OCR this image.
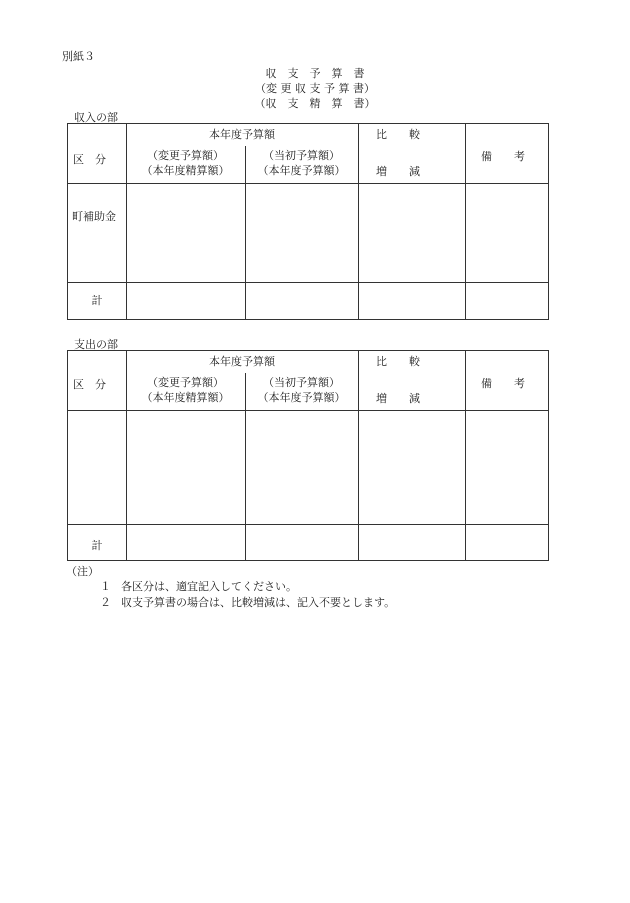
別紙３
収　支　予　算　書
（変 更 収 支 予 算 書）
（収　支　精　算　書）
収入の部
本年度予算額
区　分	（変更予算額）
（本年度精算額）
（当初予算額）
（本年度予算額）
比　　較
増　　減
備　　考
町補助金
計
支出の部
本年度予算額
区　分	（変更予算額）
（本年度精算額）
（当初予算額）
（本年度予算額）
比　　較
増　　減
備　　考
計
（注）
１ 各区分は、適宜記入してください。
２ 収支予算書の場合は、比較増減は、記入不要とします。
